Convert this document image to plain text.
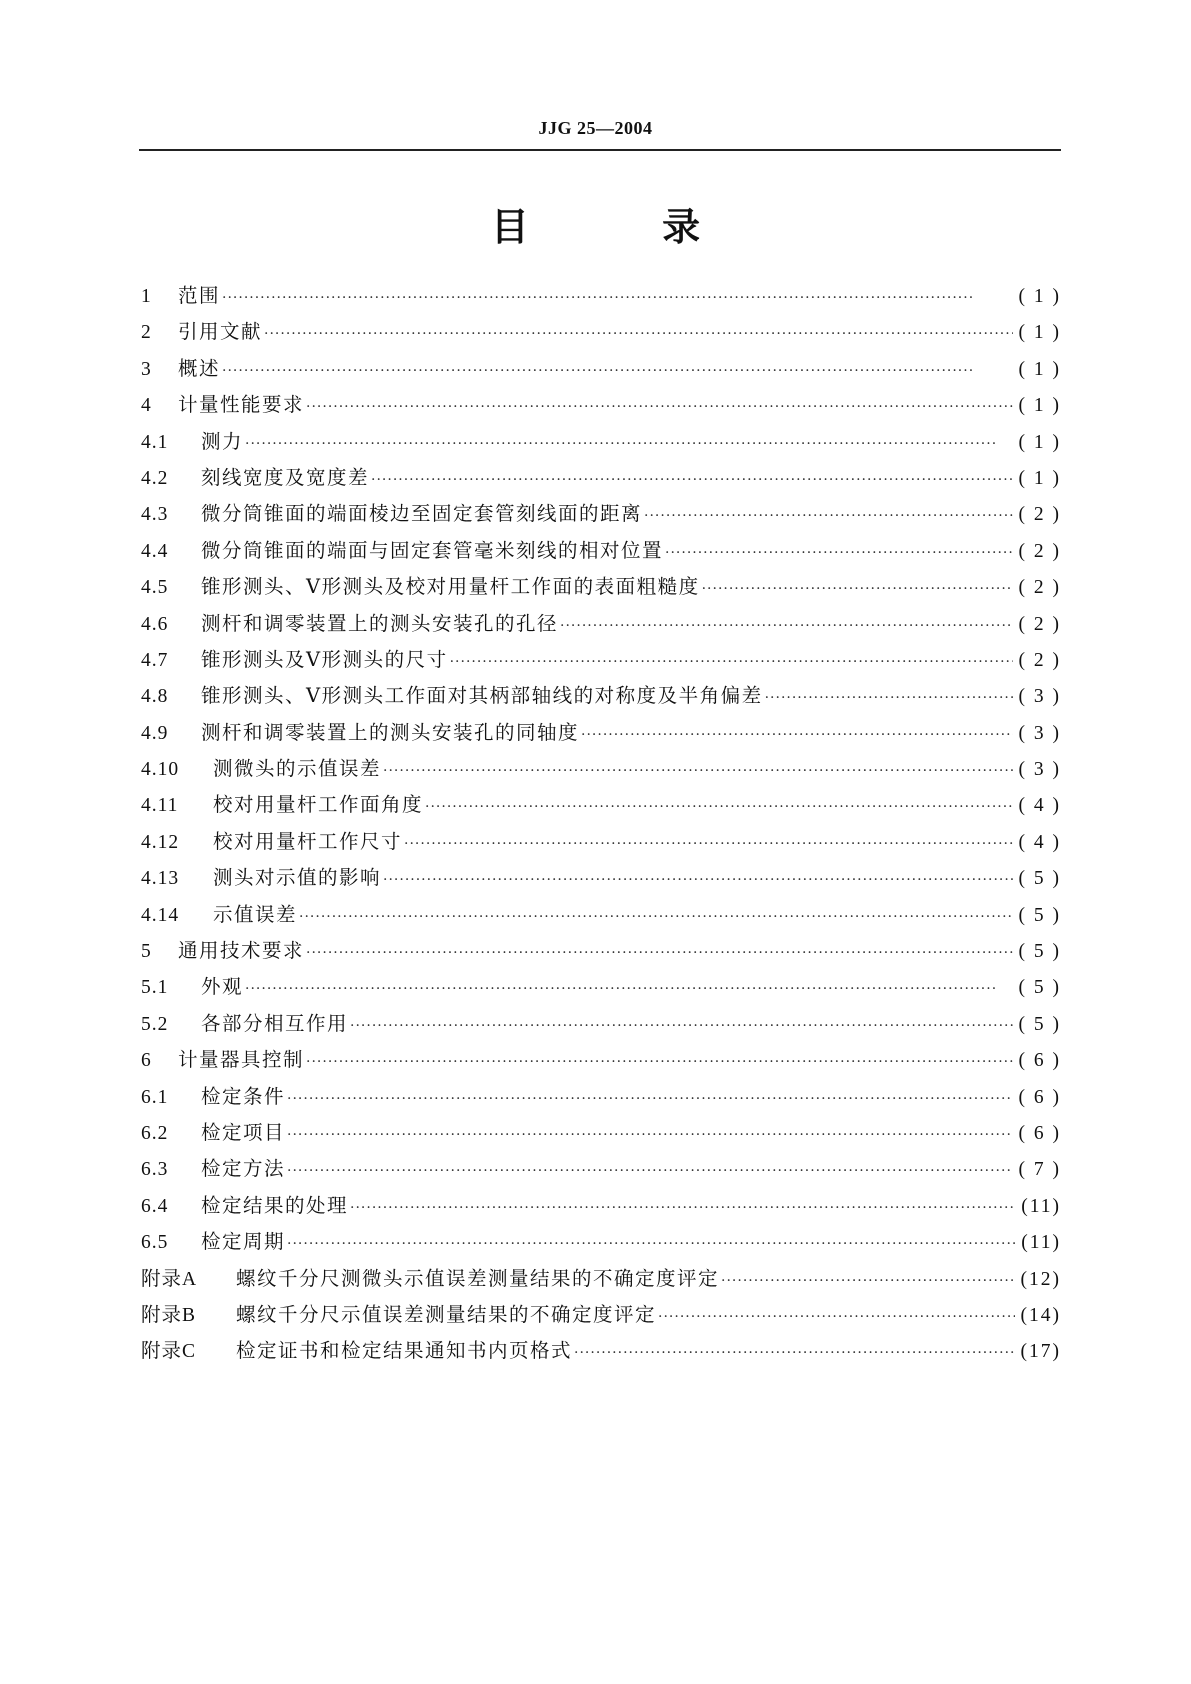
JJG 25—2004
目 录
1	范围 ·····	( 1 )
2	引用文献 ·····	( 1 )
3	概述 ·····	( 1 )
4	计量性能要求 ·····	( 1 )
4.1	测力 ·····	( 1 )
4.2	刻线宽度及宽度差 ·····	( 1 )
4.3	微分筒锥面的端面棱边至固定套管刻线面的距离 ·····	( 2 )
4.4	微分筒锥面的端面与固定套管毫米刻线的相对位置 ·····	( 2 )
4.5	锥形测头、V形测头及校对用量杆工作面的表面粗糙度 ·····	( 2 )
4.6	测杆和调零装置上的测头安装孔的孔径 ·····	( 2 )
4.7	锥形测头及V形测头的尺寸 ·····	( 2 )
4.8	锥形测头、V形测头工作面对其柄部轴线的对称度及半角偏差 ·····	( 3 )
4.9	测杆和调零装置上的测头安装孔的同轴度 ·····	( 3 )
4.10	测微头的示值误差 ·····	( 3 )
4.11	校对用量杆工作面角度 ·····	( 4 )
4.12	校对用量杆工作尺寸 ·····	( 4 )
4.13	测头对示值的影响 ·····	( 5 )
4.14	示值误差 ·····	( 5 )
5	通用技术要求 ·····	( 5 )
5.1	外观 ·····	( 5 )
5.2	各部分相互作用 ·····	( 5 )
6	计量器具控制 ·····	( 6 )
6.1	检定条件 ·····	( 6 )
6.2	检定项目 ·····	( 6 )
6.3	检定方法 ·····	( 7 )
6.4	检定结果的处理 ·····	(11)
6.5	检定周期 ·····	(11)
附录A	螺纹千分尺测微头示值误差测量结果的不确定度评定 ·····	(12)
附录B	螺纹千分尺示值误差测量结果的不确定度评定 ·····	(14)
附录C	检定证书和检定结果通知书内页格式 ·····	(17)
